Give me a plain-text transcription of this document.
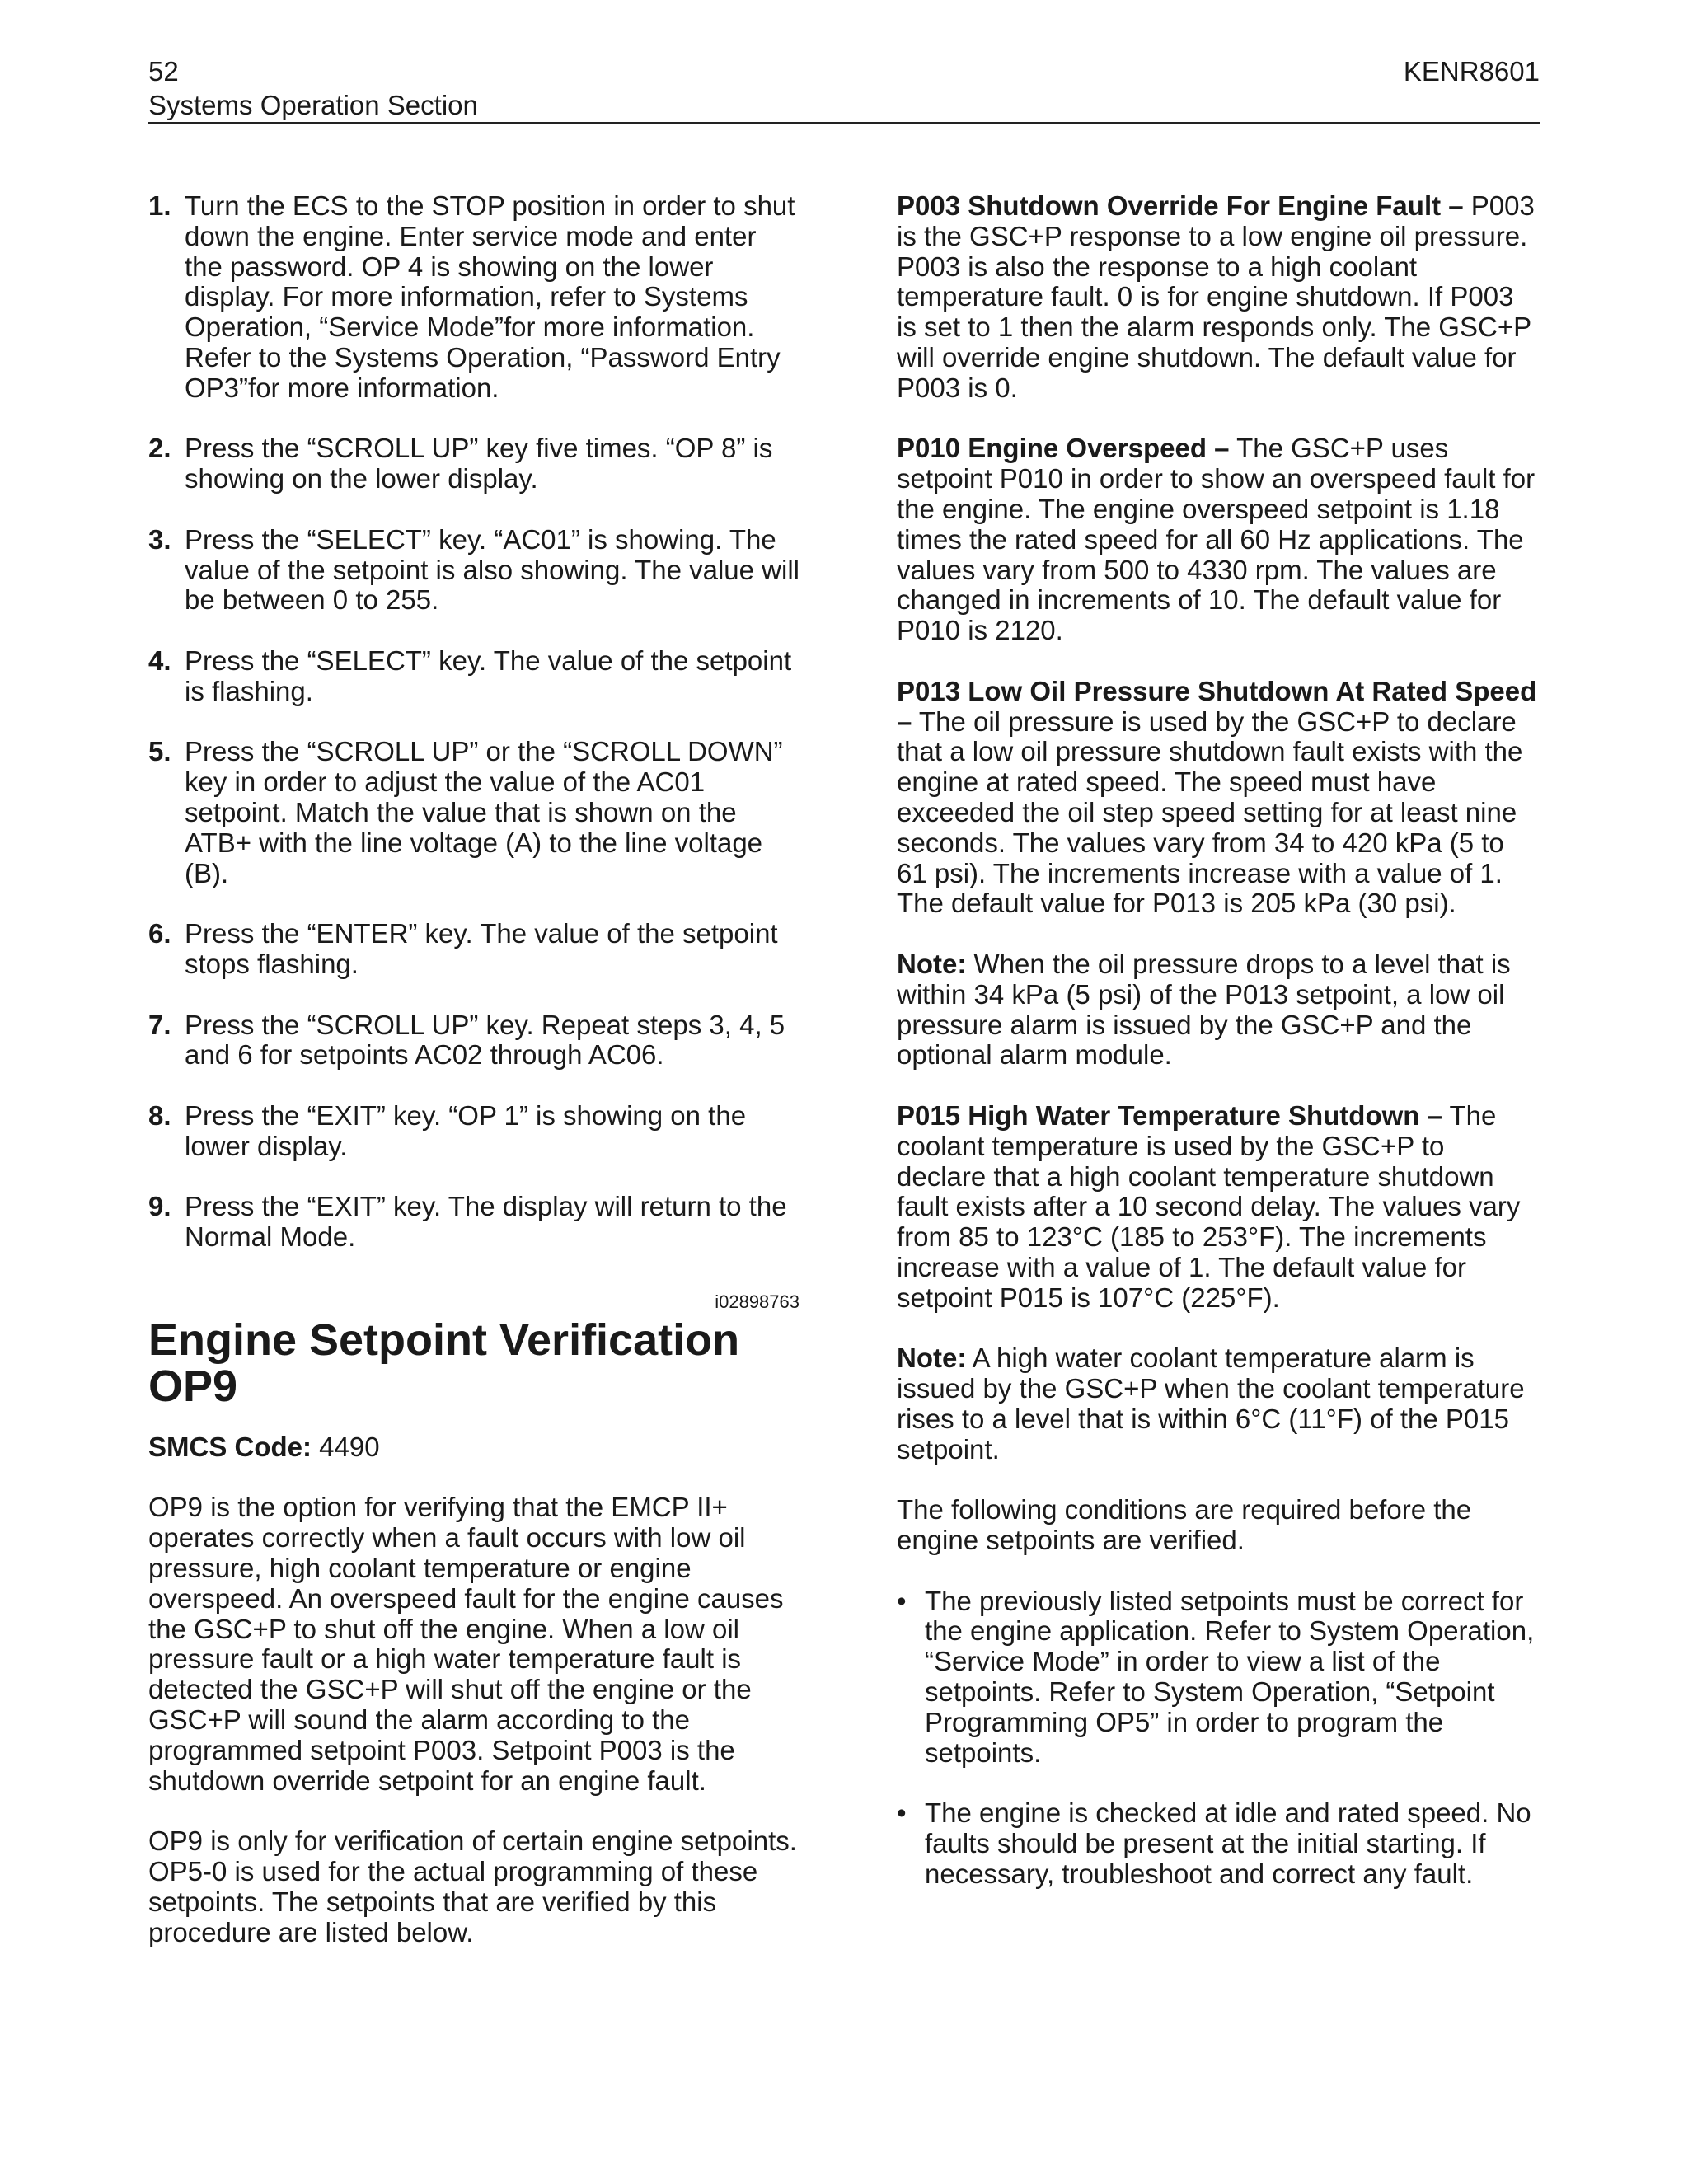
52
Systems Operation Section
KENR8601
1. Turn the ECS to the STOP position in order to shut down the engine. Enter service mode and enter the password. OP 4 is showing on the lower display. For more information, refer to Systems Operation, “Service Mode”for more information. Refer to the Systems Operation, “Password Entry OP3”for more information.
2. Press the “SCROLL UP” key five times. “OP 8” is showing on the lower display.
3. Press the “SELECT” key. “AC01” is showing. The value of the setpoint is also showing. The value will be between 0 to 255.
4. Press the “SELECT” key. The value of the setpoint is flashing.
5. Press the “SCROLL UP” or the “SCROLL DOWN” key in order to adjust the value of the AC01 setpoint. Match the value that is shown on the ATB+ with the line voltage (A) to the line voltage (B).
6. Press the “ENTER” key. The value of the setpoint stops flashing.
7. Press the “SCROLL UP” key. Repeat steps 3, 4, 5 and 6 for setpoints AC02 through AC06.
8. Press the “EXIT” key. “OP 1” is showing on the lower display.
9. Press the “EXIT” key. The display will return to the Normal Mode.
i02898763
Engine Setpoint Verification
OP9

SMCS Code: 4490

OP9 is the option for verifying that the EMCP II+ operates correctly when a fault occurs with low oil pressure, high coolant temperature or engine overspeed. An overspeed fault for the engine causes the GSC+P to shut off the engine. When a low oil pressure fault or a high water temperature fault is detected the GSC+P will shut off the engine or the GSC+P will sound the alarm according to the programmed setpoint P003. Setpoint P003 is the shutdown override setpoint for an engine fault.

OP9 is only for verification of certain engine setpoints. OP5-0 is used for the actual programming of these setpoints. The setpoints that are verified by this procedure are listed below.

P003 Shutdown Override For Engine Fault – P003 is the GSC+P response to a low engine oil pressure. P003 is also the response to a high coolant temperature fault. 0 is for engine shutdown. If P003 is set to 1 then the alarm responds only. The GSC+P will override engine shutdown. The default value for P003 is 0.

P010 Engine Overspeed – The GSC+P uses setpoint P010 in order to show an overspeed fault for the engine. The engine overspeed setpoint is 1.18 times the rated speed for all 60 Hz applications. The values vary from 500 to 4330 rpm. The values are changed in increments of 10. The default value for P010 is 2120.

P013 Low Oil Pressure Shutdown At Rated Speed – The oil pressure is used by the GSC+P to declare that a low oil pressure shutdown fault exists with the engine at rated speed. The speed must have exceeded the oil step speed setting for at least nine seconds. The values vary from 34 to 420 kPa (5 to 61 psi). The increments increase with a value of 1. The default value for P013 is 205 kPa (30 psi).

Note: When the oil pressure drops to a level that is within 34 kPa (5 psi) of the P013 setpoint, a low oil pressure alarm is issued by the GSC+P and the optional alarm module.

P015 High Water Temperature Shutdown – The coolant temperature is used by the GSC+P to declare that a high coolant temperature shutdown fault exists after a 10 second delay. The values vary from 85 to 123°C (185 to 253°F). The increments increase with a value of 1. The default value for setpoint P015 is 107°C (225°F).

Note: A high water coolant temperature alarm is issued by the GSC+P when the coolant temperature rises to a level that is within 6°C (11°F) of the P015 setpoint.

The following conditions are required before the engine setpoints are verified.

• The previously listed setpoints must be correct for the engine application. Refer to System Operation, “Service Mode” in order to view a list of the setpoints. Refer to System Operation, “Setpoint Programming OP5” in order to program the setpoints.
• The engine is checked at idle and rated speed. No faults should be present at the initial starting. If necessary, troubleshoot and correct any fault.
